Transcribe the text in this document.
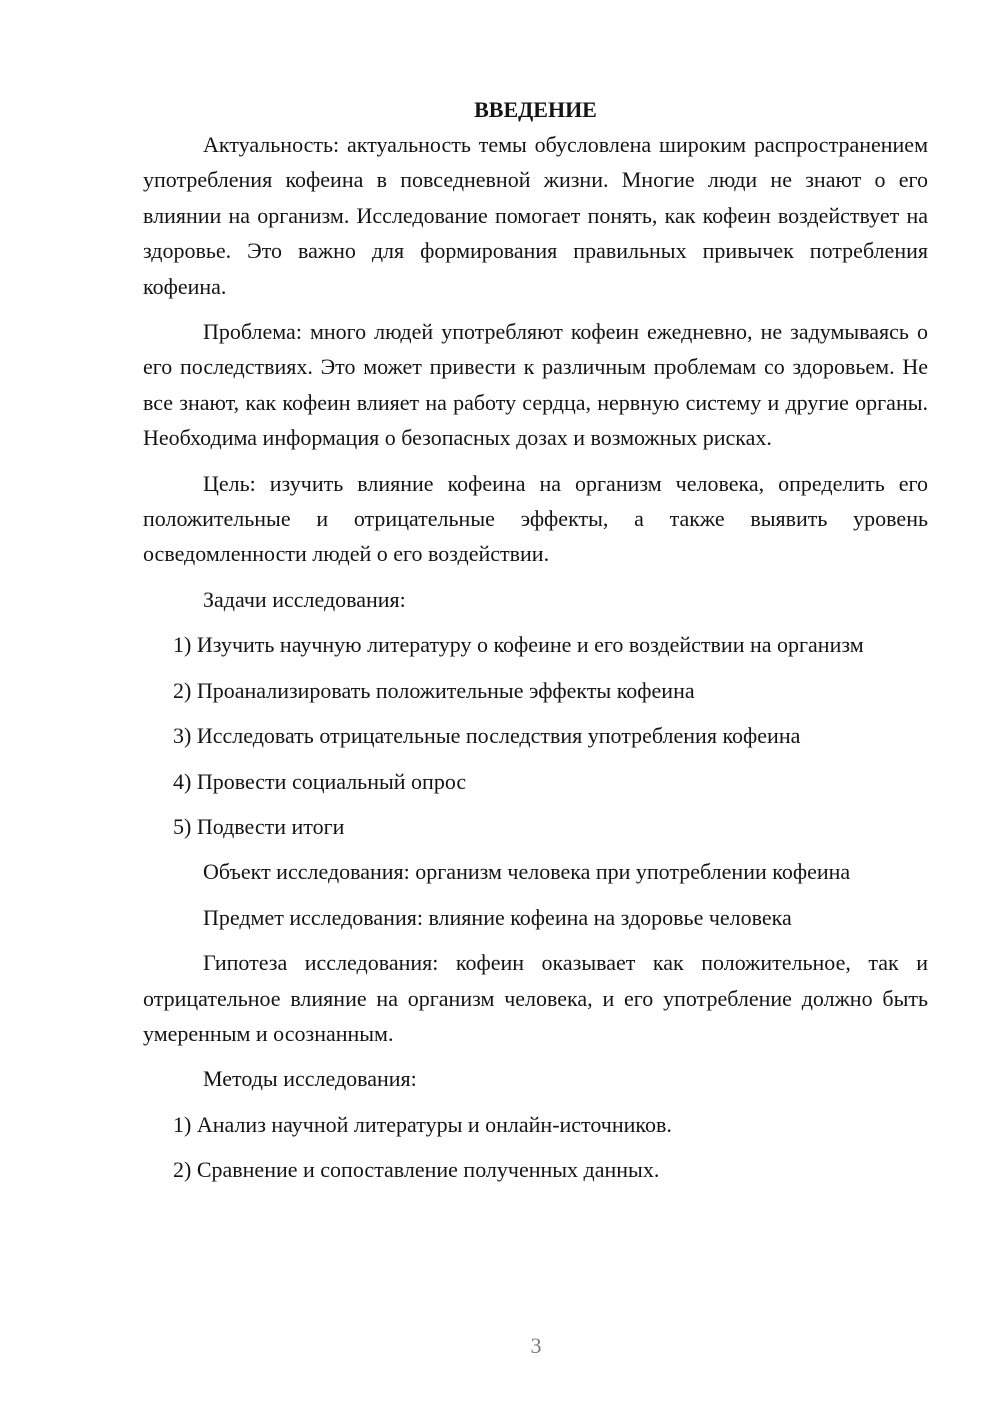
ВВЕДЕНИЕ

Актуальность: актуальность темы обусловлена широким распространением употребления кофеина в повседневной жизни. Многие люди не знают о его влиянии на организм. Исследование помогает понять, как кофеин воздействует на здоровье. Это важно для формирования правильных привычек потребления кофеина.

Проблема: много людей употребляют кофеин ежедневно, не задумываясь о его последствиях. Это может привести к различным проблемам со здоровьем. Не все знают, как кофеин влияет на работу сердца, нервную систему и другие органы. Необходима информация о безопасных дозах и возможных рисках.

Цель: изучить влияние кофеина на организм человека, определить его положительные и отрицательные эффекты, а также выявить уровень осведомленности людей о его воздействии.

Задачи исследования:

1) Изучить научную литературу о кофеине и его воздействии на организм

2) Проанализировать положительные эффекты кофеина

3) Исследовать отрицательные последствия употребления кофеина

4) Провести социальный опрос

5) Подвести итоги

Объект исследования: организм человека при употреблении кофеина

Предмет исследования: влияние кофеина на здоровье человека

Гипотеза исследования: кофеин оказывает как положительное, так и отрицательное влияние на организм человека, и его употребление должно быть умеренным и осознанным.

Методы исследования:

1) Анализ научной литературы и онлайн-источников.

2) Сравнение и сопоставление полученных данных.

3
